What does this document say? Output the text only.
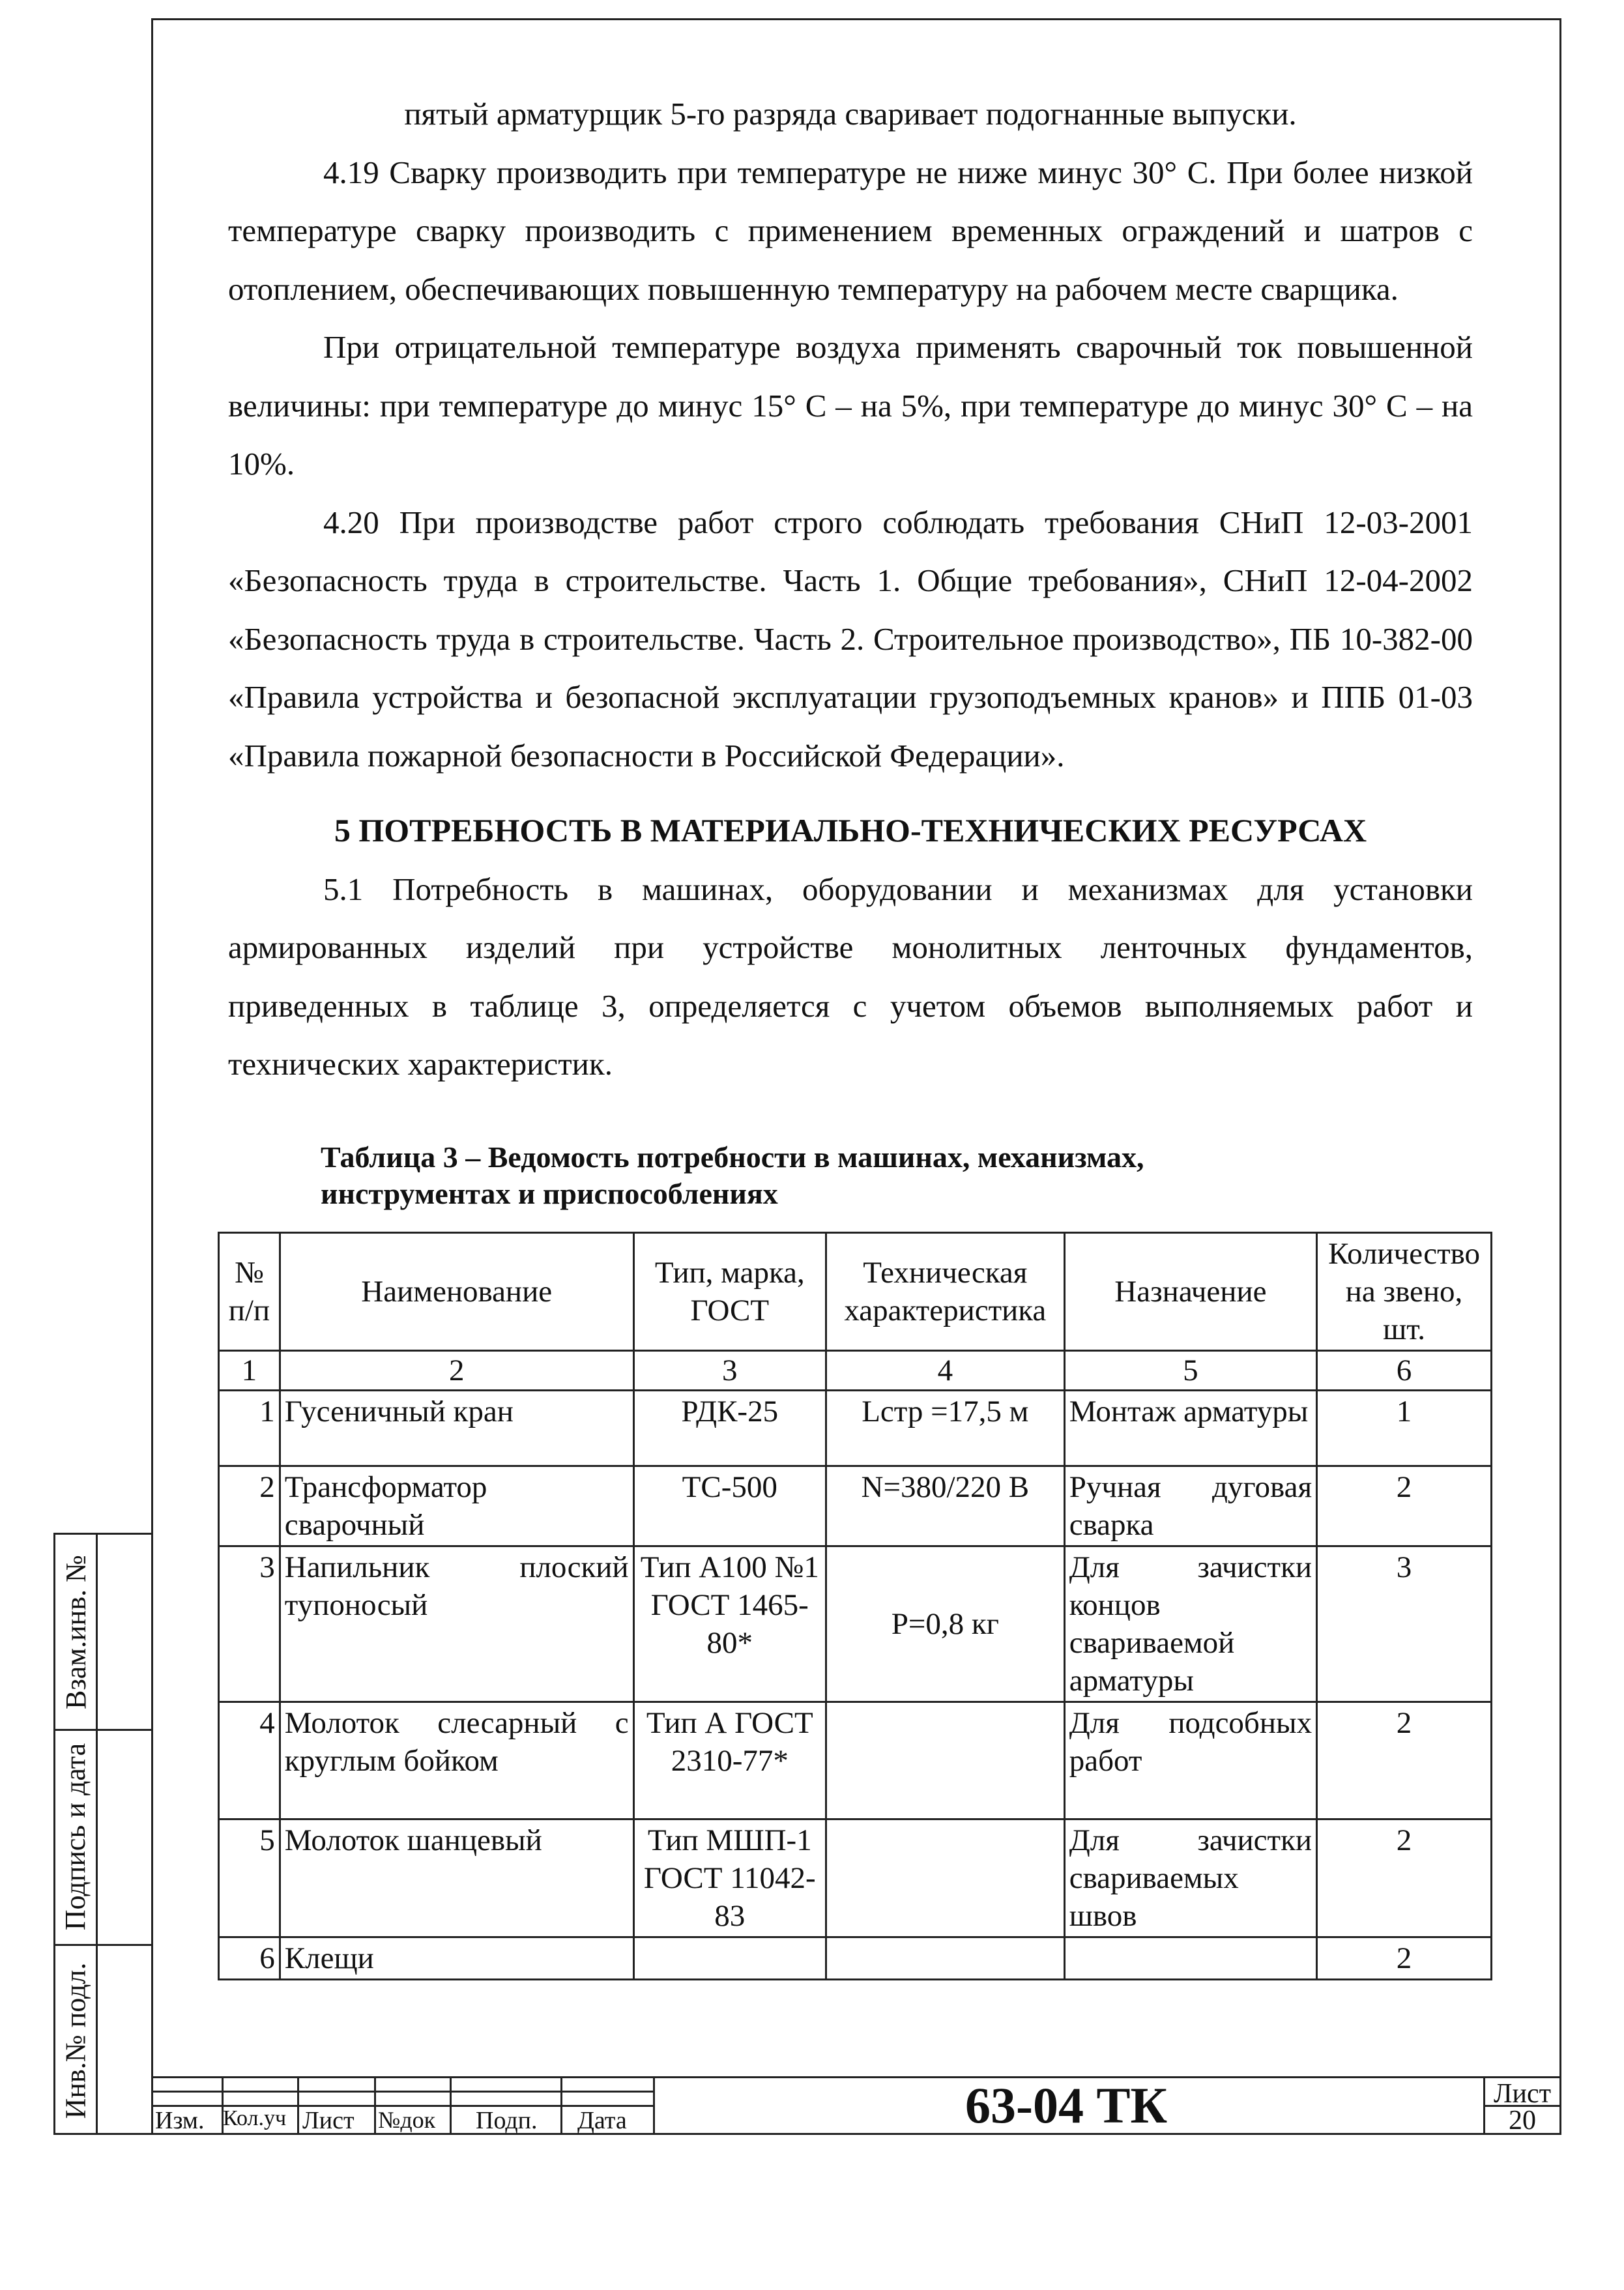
Взам.инв. №
Подпись и дата
Инв.№ подл.

пятый арматурщик 5-го разряда сваривает подогнанные выпуски.

4.19 Сварку производить при температуре не ниже минус 30° С. При более низкой температуре сварку производить с применением временных ограждений и шатров с отоплением, обеспечивающих повышенную температуру на рабочем месте сварщика.

При отрицательной температуре воздуха применять сварочный ток повышенной величины: при температуре до минус 15° С – на 5%, при температуре до минус 30° С – на 10%.

4.20 При производстве работ строго соблюдать требования СНиП 12-03-2001 «Безопасность труда в строительстве. Часть 1. Общие требования», СНиП 12-04-2002 «Безопасность труда в строительстве. Часть 2. Строительное производство», ПБ 10-382-00 «Правила устройства и безопасной эксплуатации грузоподъемных кранов» и ППБ 01-03 «Правила пожарной безопасности в Российской Федерации».

5 ПОТРЕБНОСТЬ В МАТЕРИАЛЬНО-ТЕХНИЧЕСКИХ РЕСУРСАХ

5.1 Потребность в машинах, оборудовании и механизмах для установки армированных изделий при устройстве монолитных ленточных фундаментов, приведенных в таблице 3, определяется с учетом объемов выполняемых работ и технических характеристик.

Таблица 3 – Ведомость потребности в машинах, механизмах,
инструментах и приспособлениях
№ п/п	Наименование	Тип, марка, ГОСТ	Техническая характеристика	Назначение	Количество на звено, шт.
1	2	3	4	5	6
1	Гусеничный кран	РДК-25	Lстр =17,5 м	Монтаж арматуры	1
2	Трансформатор сварочный	ТС-500	N=380/220 В	Ручная дуговая сварка	2
3	Напильник плоский тупоносый	Тип А100 №1 ГОСТ 1465-80*	Р=0,8 кг	Для зачистки концов свариваемой арматуры	3
4	Молоток слесарный с круглым бойком	Тип А ГОСТ 2310-77*		Для подсобных работ	2
5	Молоток шанцевый	Тип МШП-1 ГОСТ 11042-83		Для зачистки свариваемых швов	2
6	Клещи				2
Изм. Кол.уч Лист №док Подп. Дата	63-04 ТК	Лист
20
